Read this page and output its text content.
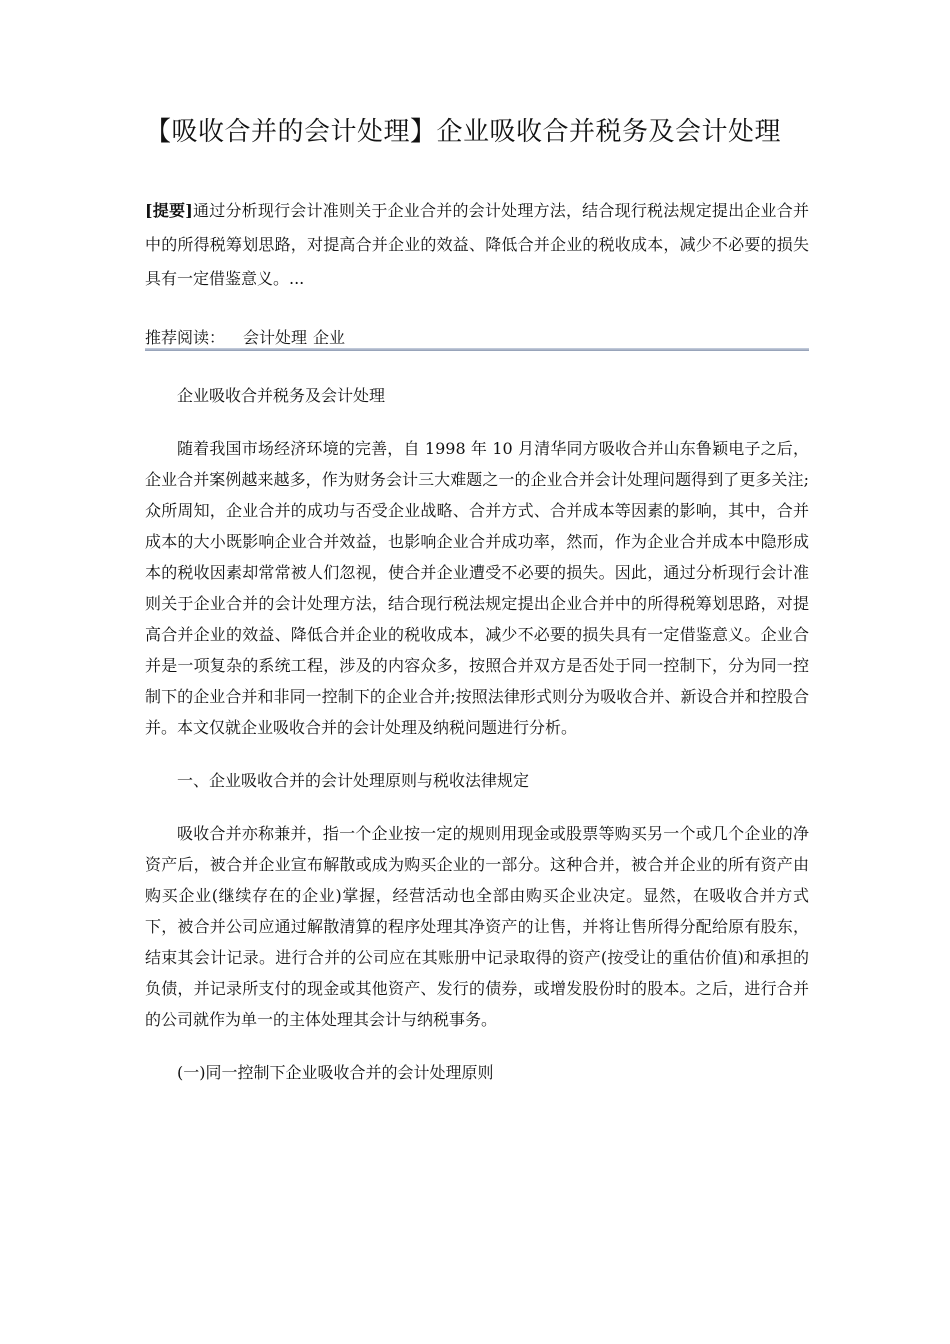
【吸收合并的会计处理】企业吸收合并税务及会计处理

[提要]通过分析现行会计准则关于企业合并的会计处理方法，结合现行税法规定提出企业合并中的所得税筹划思路，对提高合并企业的效益、降低合并企业的税收成本，减少不必要的损失具有一定借鉴意义。...

推荐阅读： 会计处理 企业

企业吸收合并税务及会计处理

随着我国市场经济环境的完善，自 1998 年 10 月清华同方吸收合并山东鲁颖电子之后，企业合并案例越来越多，作为财务会计三大难题之一的企业合并会计处理问题得到了更多关注;众所周知，企业合并的成功与否受企业战略、合并方式、合并成本等因素的影响，其中，合并成本的大小既影响企业合并效益，也影响企业合并成功率，然而，作为企业合并成本中隐形成本的税收因素却常常被人们忽视，使合并企业遭受不必要的损失。因此，通过分析现行会计准则关于企业合并的会计处理方法，结合现行税法规定提出企业合并中的所得税筹划思路，对提高合并企业的效益、降低合并企业的税收成本，减少不必要的损失具有一定借鉴意义。企业合并是一项复杂的系统工程，涉及的内容众多，按照合并双方是否处于同一控制下，分为同一控制下的企业合并和非同一控制下的企业合并;按照法律形式则分为吸收合并、新设合并和控股合并。本文仅就企业吸收合并的会计处理及纳税问题进行分析。

一、企业吸收合并的会计处理原则与税收法律规定

吸收合并亦称兼并，指一个企业按一定的规则用现金或股票等购买另一个或几个企业的净资产后，被合并企业宣布解散或成为购买企业的一部分。这种合并，被合并企业的所有资产由购买企业(继续存在的企业)掌握，经营活动也全部由购买企业决定。显然，在吸收合并方式下，被合并公司应通过解散清算的程序处理其净资产的让售，并将让售所得分配给原有股东，结束其会计记录。进行合并的公司应在其账册中记录取得的资产(按受让的重估价值)和承担的负债，并记录所支付的现金或其他资产、发行的债券，或增发股份时的股本。之后，进行合并的公司就作为单一的主体处理其会计与纳税事务。

(一)同一控制下企业吸收合并的会计处理原则
